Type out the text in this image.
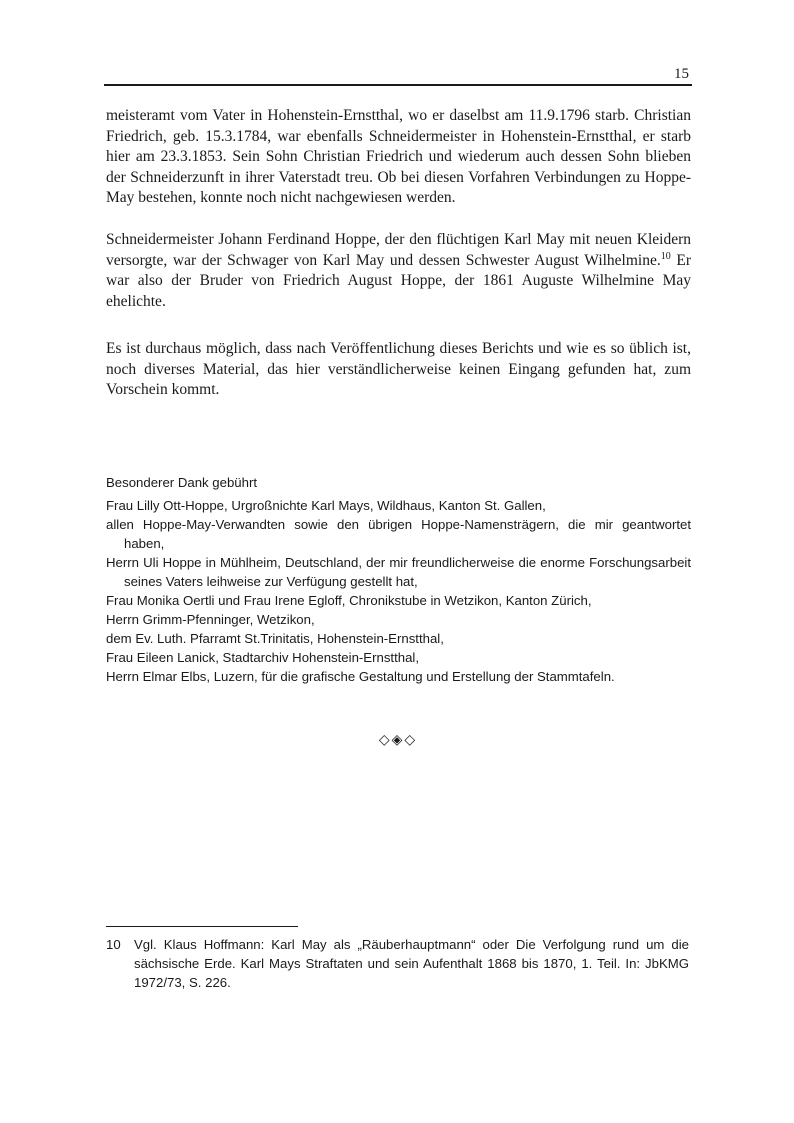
15

meisteramt vom Vater in Hohenstein-Ernstthal, wo er daselbst am 11.9.1796 starb. Christian Friedrich, geb. 15.3.1784, war ebenfalls Schneidermeister in Hohenstein-Ernstthal, er starb hier am 23.3.1853. Sein Sohn Christian Friedrich und wiederum auch dessen Sohn blieben der Schneiderzunft in ihrer Vaterstadt treu. Ob bei diesen Vorfahren Verbindungen zu Hoppe-May bestehen, konnte noch nicht nachgewiesen werden.

Schneidermeister Johann Ferdinand Hoppe, der den flüchtigen Karl May mit neuen Kleidern versorgte, war der Schwager von Karl May und dessen Schwester August Wilhelmine.$^{10}$ Er war also der Bruder von Friedrich August Hoppe, der 1861 Auguste Wilhelmine May ehelichte.

Es ist durchaus möglich, dass nach Veröffentlichung dieses Berichts und wie es so üblich ist, noch diverses Material, das hier verständlicherweise keinen Eingang gefunden hat, zum Vorschein kommt.

Besonderer Dank gebührt
Frau Lilly Ott-Hoppe, Urgroßnichte Karl Mays, Wildhaus, Kanton St. Gallen,
allen Hoppe-May-Verwandten sowie den übrigen Hoppe-Namensträgern, die mir geantwortet haben,
Herrn Uli Hoppe in Mühlheim, Deutschland, der mir freundlicherweise die enorme Forschungsarbeit seines Vaters leihweise zur Verfügung gestellt hat,
Frau Monika Oertli und Frau Irene Egloff, Chronikstube in Wetzikon, Kanton Zürich,
Herrn Grimm-Pfenninger, Wetzikon,
dem Ev. Luth. Pfarramt St.Trinitatis, Hohenstein-Ernstthal,
Frau Eileen Lanick, Stadtarchiv Hohenstein-Ernstthal,
Herrn Elmar Elbs, Luzern, für die grafische Gestaltung und Erstellung der Stammtafeln.
◇◈◇
10	Vgl. Klaus Hoffmann: Karl May als „Räuberhauptmann“ oder Die Verfolgung rund um die sächsische Erde. Karl Mays Straftaten und sein Aufenthalt 1868 bis 1870, 1. Teil. In: JbKMG 1972/73, S. 226.
